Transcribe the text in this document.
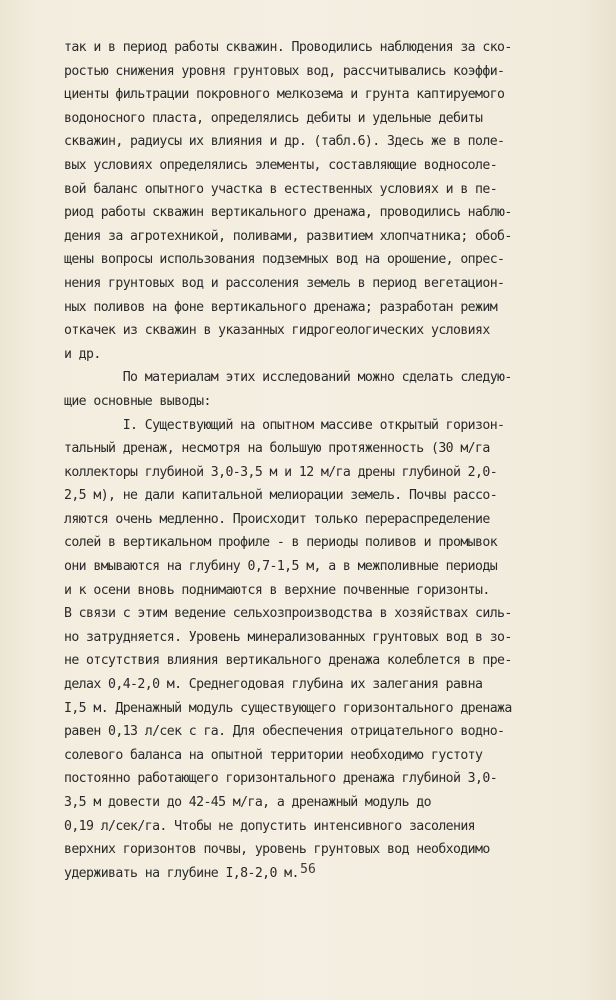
так и в период работы скважин. Проводились наблюдения за ско-
ростью снижения уровня грунтовых вод, рассчитывались коэффи-
циенты фильтрации покровного мелкозема и грунта каптируемого
водоносного пласта, определялись дебиты и удельные дебиты
скважин, радиусы их влияния и др. (табл.6). Здесь же в поле-
вых условиях определялись элементы, составляющие водносоле-
вой баланс опытного участка в естественных условиях и в пе-
риод работы скважин вертикального дренажа, проводились наблю-
дения за агротехникой, поливами, развитием хлопчатника; обоб-
щены вопросы использования подземных вод на орошение, опрес-
нения грунтовых вод и рассоления земель в период вегетацион-
ных поливов на фоне вертикального дренажа; разработан режим
откачек из скважин в указанных гидрогеологических условиях
и др.
По материалам этих исследований можно сделать следую-
щие основные выводы:
I. Существующий на опытном массиве открытый горизон-
тальный дренаж, несмотря на большую протяженность (30 м/га
коллекторы глубиной 3,0-3,5 м и 12 м/га дрены глубиной 2,0-
2,5 м), не дали капитальной мелиорации земель. Почвы рассо-
ляются очень медленно. Происходит только перераспределение
солей в вертикальном профиле - в периоды поливов и промывок
они вмываются на глубину 0,7-1,5 м, а в межполивные периоды
и к осени вновь поднимаются в верхние почвенные горизонты.
В связи с этим ведение сельхозпроизводства в хозяйствах силь-
но затрудняется. Уровень минерализованных грунтовых вод в зо-
не отсутствия влияния вертикального дренажа колеблется в пре-
делах 0,4-2,0 м. Среднегодовая глубина их залегания равна
I,5 м. Дренажный модуль существующего горизонтального дренажа
равен 0,13 л/сек с га. Для обеспечения отрицательного водно-
солевого баланса на опытной территории необходимо густоту
постоянно работающего горизонтального дренажа глубиной 3,0-
3,5 м довести до 42-45 м/га, а дренажный модуль до
0,19 л/сек/га. Чтобы не допустить интенсивного засоления
верхних горизонтов почвы, уровень грунтовых вод необходимо
удерживать на глубине I,8-2,0 м. 56
